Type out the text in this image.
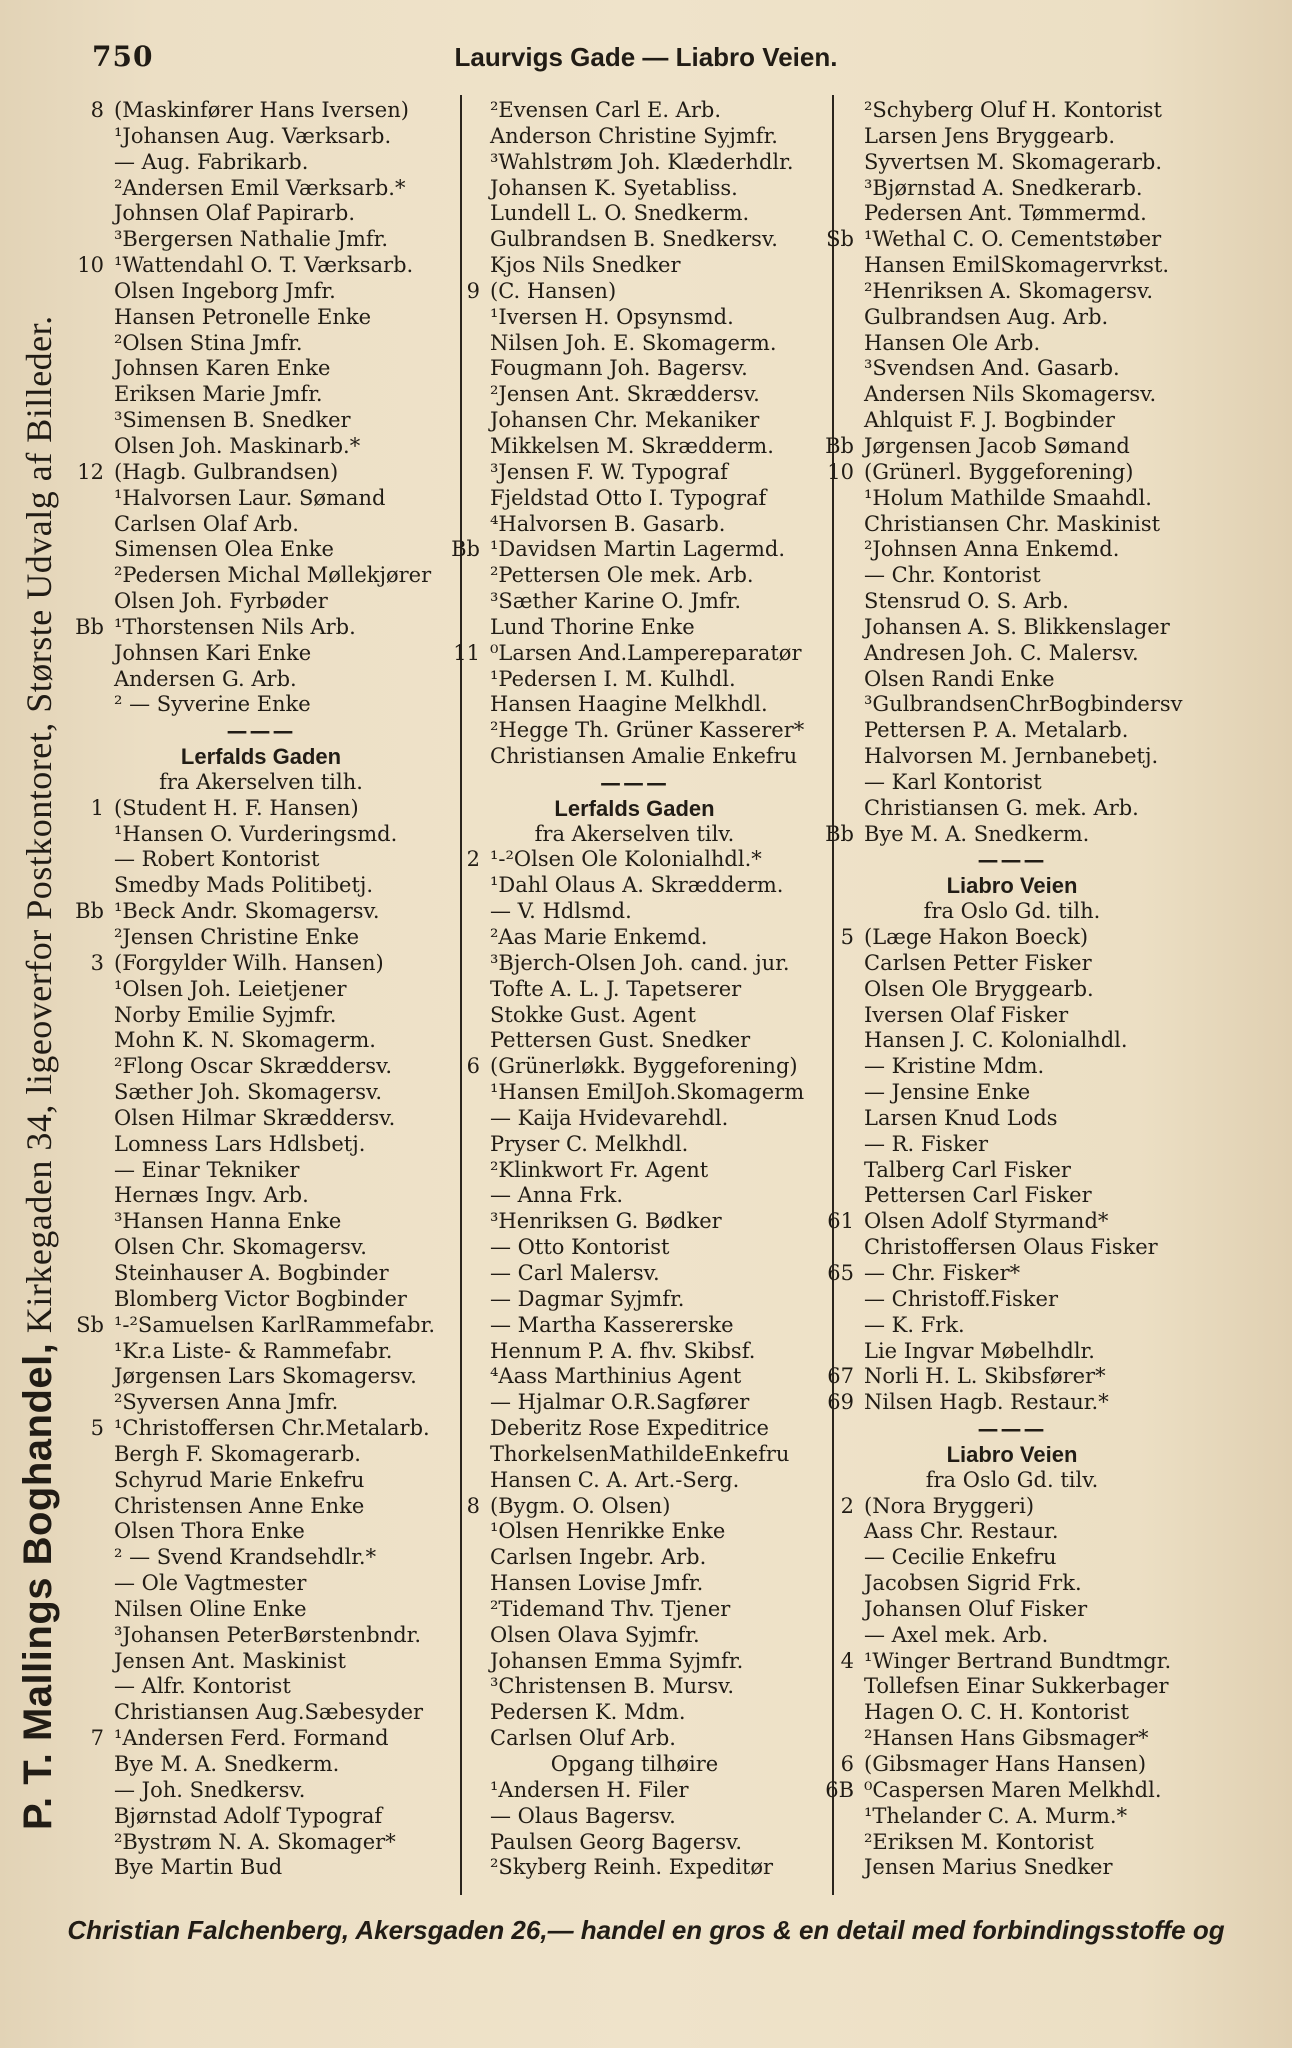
750	Laurvigs Gade — Liabro Veien.
P. T. Mallings Boghandel, Kirkegaden 34, ligeoverfor Postkontoret, Største Udvalg af Billeder.
8 (Maskinfører Hans Iversen)
¹Johansen Aug. Værksarb.
— Aug. Fabrikarb.
²Andersen Emil Værksarb.*
Johnsen Olaf Papirarb.
³Bergersen Nathalie Jmfr.
10 ¹Wattendahl O. T. Værksarb.
Olsen Ingeborg Jmfr.
Hansen Petronelle Enke
²Olsen Stina Jmfr.
Johnsen Karen Enke
Eriksen Marie Jmfr.
³Simensen B. Snedker
Olsen Joh. Maskinarb.*
12 (Hagb. Gulbrandsen)
¹Halvorsen Laur. Sømand
Carlsen Olaf Arb.
Simensen Olea Enke
²Pedersen Michal Møllekjører
Olsen Joh. Fyrbøder
Bb ¹Thorstensen Nils Arb.
Johnsen Kari Enke
Andersen G. Arb.
² — Syverine Enke
———
Lerfalds Gaden
fra Akerselven tilh.
1 (Student H. F. Hansen)
¹Hansen O. Vurderingsmd.
— Robert Kontorist
Smedby Mads Politibetj.
Bb ¹Beck Andr. Skomagersv.
²Jensen Christine Enke
3 (Forgylder Wilh. Hansen)
¹Olsen Joh. Leietjener
Norby Emilie Syjmfr.
Mohn K. N. Skomagerm.
²Flong Oscar Skræddersv.
Sæther Joh. Skomagersv.
Olsen Hilmar Skræddersv.
Lomness Lars Hdlsbetj.
— Einar Tekniker
Hernæs Ingv. Arb.
³Hansen Hanna Enke
Olsen Chr. Skomagersv.
Steinhauser A. Bogbinder
Blomberg Victor Bogbinder
Sb ¹-²Samuelsen KarlRammefabr.
¹Kr.a Liste- & Rammefabr.
Jørgensen Lars Skomagersv.
²Syversen Anna Jmfr.
5 ¹Christoffersen Chr.Metalarb.
Bergh F. Skomagerarb.
Schyrud Marie Enkefru
Christensen Anne Enke
Olsen Thora Enke
² — Svend Krandsehdlr.*
— Ole Vagtmester
Nilsen Oline Enke
³Johansen PeterBørstenbndr.
Jensen Ant. Maskinist
— Alfr. Kontorist
Christiansen Aug.Sæbesyder
7 ¹Andersen Ferd. Formand
Bye M. A. Snedkerm.
— Joh. Snedkersv.
Bjørnstad Adolf Typograf
²Bystrøm N. A. Skomager*
Bye Martin Bud
²Evensen Carl E. Arb.
Anderson Christine Syjmfr.
³Wahlstrøm Joh. Klæderhdlr.
Johansen K. Syetabliss.
Lundell L. O. Snedkerm.
Gulbrandsen B. Snedkersv.
Kjos Nils Snedker
9 (C. Hansen)
¹Iversen H. Opsynsmd.
Nilsen Joh. E. Skomagerm.
Fougmann Joh. Bagersv.
²Jensen Ant. Skræddersv.
Johansen Chr. Mekaniker
Mikkelsen M. Skrædderm.
³Jensen F. W. Typograf
Fjeldstad Otto I. Typograf
⁴Halvorsen B. Gasarb.
Bb ¹Davidsen Martin Lagermd.
²Pettersen Ole mek. Arb.
³Sæther Karine O. Jmfr.
Lund Thorine Enke
11 ⁰Larsen And.Lampereparatør
¹Pedersen I. M. Kulhdl.
Hansen Haagine Melkhdl.
²Hegge Th. Grüner Kasserer*
Christiansen Amalie Enkefru
———
Lerfalds Gaden
fra Akerselven tilv.
2 ¹-²Olsen Ole Kolonialhdl.*
¹Dahl Olaus A. Skrædderm.
— V. Hdlsmd.
²Aas Marie Enkemd.
³Bjerch-Olsen Joh. cand. jur.
Tofte A. L. J. Tapetserer
Stokke Gust. Agent
Pettersen Gust. Snedker
6 (Grünerløkk. Byggeforening)
¹Hansen EmilJoh.Skomagerm
— Kaija Hvidevarehdl.
Pryser C. Melkhdl.
²Klinkwort Fr. Agent
— Anna Frk.
³Henriksen G. Bødker
— Otto Kontorist
— Carl Malersv.
— Dagmar Syjmfr.
— Martha Kassererske
Hennum P. A. fhv. Skibsf.
⁴Aass Marthinius Agent
— Hjalmar O.R.Sagfører
Deberitz Rose Expeditrice
ThorkelsenMathildeEnkefru
Hansen C. A. Art.-Serg.
8 (Bygm. O. Olsen)
¹Olsen Henrikke Enke
Carlsen Ingebr. Arb.
Hansen Lovise Jmfr.
²Tidemand Thv. Tjener
Olsen Olava Syjmfr.
Johansen Emma Syjmfr.
³Christensen B. Mursv.
Pedersen K. Mdm.
Carlsen Oluf Arb.
Opgang tilhøire
¹Andersen H. Filer
— Olaus Bagersv.
Paulsen Georg Bagersv.
²Skyberg Reinh. Expeditør
²Schyberg Oluf H. Kontorist
Larsen Jens Bryggearb.
Syvertsen M. Skomagerarb.
³Bjørnstad A. Snedkerarb.
Pedersen Ant. Tømmermd.
Sb ¹Wethal C. O. Cementstøber
Hansen EmilSkomagervrkst.
²Henriksen A. Skomagersv.
Gulbrandsen Aug. Arb.
Hansen Ole Arb.
³Svendsen And. Gasarb.
Andersen Nils Skomagersv.
Ahlquist F. J. Bogbinder
Bb Jørgensen Jacob Sømand
10 (Grünerl. Byggeforening)
¹Holum Mathilde Smaahdl.
Christiansen Chr. Maskinist
²Johnsen Anna Enkemd.
— Chr. Kontorist
Stensrud O. S. Arb.
Johansen A. S. Blikkenslager
Andresen Joh. C. Malersv.
Olsen Randi Enke
³GulbrandsenChrBogbindersv
Pettersen P. A. Metalarb.
Halvorsen M. Jernbanebetj.
— Karl Kontorist
Christiansen G. mek. Arb.
Bb Bye M. A. Snedkerm.
———
Liabro Veien
fra Oslo Gd. tilh.
5 (Læge Hakon Boeck)
Carlsen Petter Fisker
Olsen Ole Bryggearb.
Iversen Olaf Fisker
Hansen J. C. Kolonialhdl.
— Kristine Mdm.
— Jensine Enke
Larsen Knud Lods
— R. Fisker
Talberg Carl Fisker
Pettersen Carl Fisker
61 Olsen Adolf Styrmand*
Christoffersen Olaus Fisker
65 — Chr. Fisker*
— Christoff.Fisker
— K. Frk.
Lie Ingvar Møbelhdlr.
67 Norli H. L. Skibsfører*
69 Nilsen Hagb. Restaur.*
———
Liabro Veien
fra Oslo Gd. tilv.
2 (Nora Bryggeri)
Aass Chr. Restaur.
— Cecilie Enkefru
Jacobsen Sigrid Frk.
Johansen Oluf Fisker
— Axel mek. Arb.
4 ¹Winger Bertrand Bundtmgr.
Tollefsen Einar Sukkerbager
Hagen O. C. H. Kontorist
²Hansen Hans Gibsmager*
6 (Gibsmager Hans Hansen)
6B ⁰Caspersen Maren Melkhdl.
¹Thelander C. A. Murm.*
²Eriksen M. Kontorist
Jensen Marius Snedker
Christian Falchenberg, Akersgaden 26,— handel en gros & en detail med forbindingsstoffe og
